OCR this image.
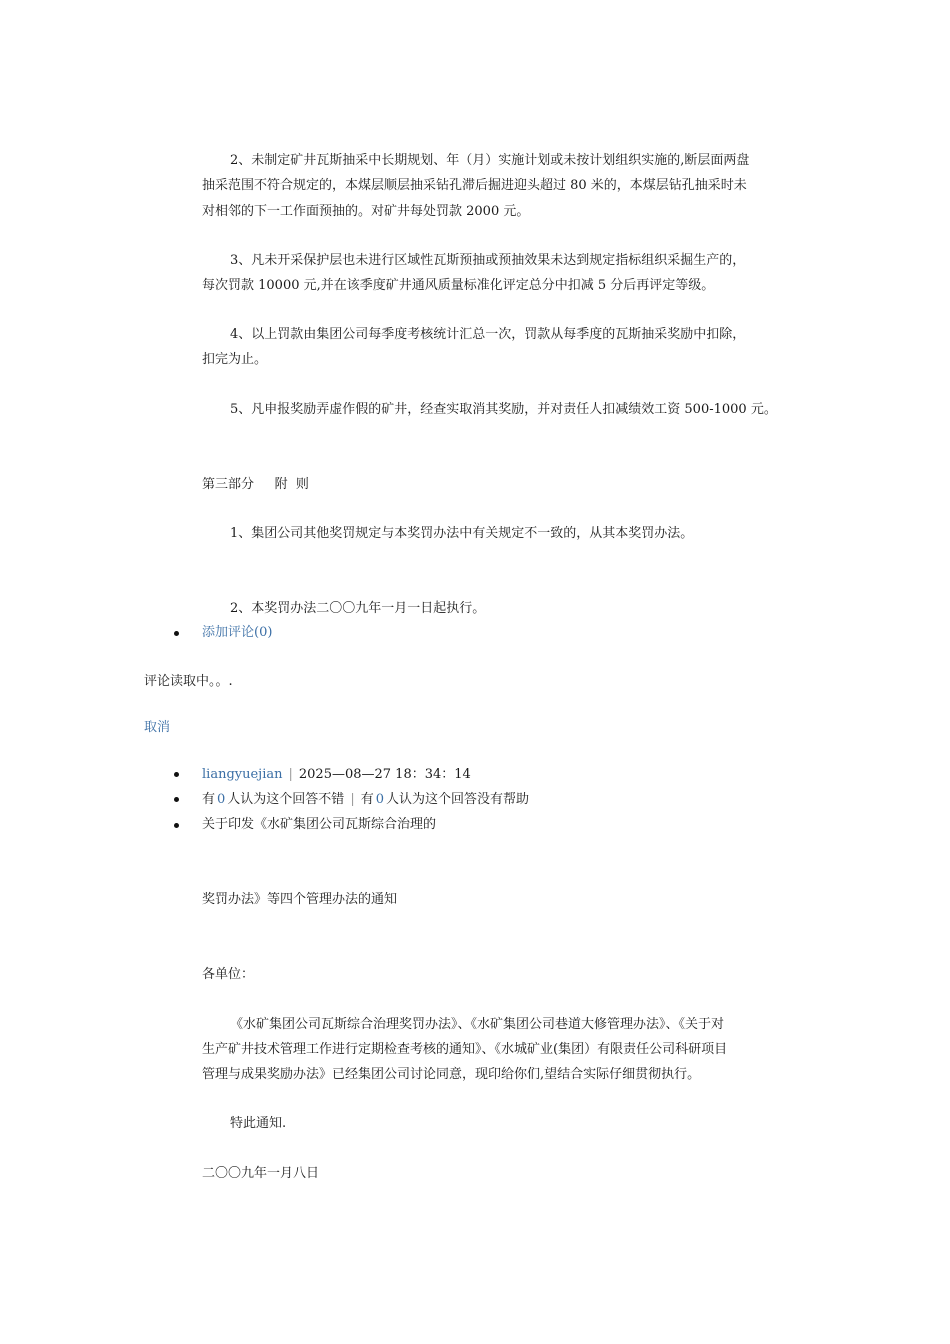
2、未制定矿井瓦斯抽采中长期规划、年（月）实施计划或未按计划组织实施的,断层面两盘
抽采范围不符合规定的，本煤层顺层抽采钻孔滞后掘进迎头超过 80 米的，本煤层钻孔抽采时未
对相邻的下一工作面预抽的。对矿井每处罚款 2000 元。
3、凡未开采保护层也未进行区域性瓦斯预抽或预抽效果未达到规定指标组织采掘生产的，
每次罚款 10000 元,并在该季度矿井通风质量标准化评定总分中扣减 5 分后再评定等级。
4、以上罚款由集团公司每季度考核统计汇总一次，罚款从每季度的瓦斯抽采奖励中扣除，
扣完为止。
5、凡申报奖励弄虚作假的矿井，经查实取消其奖励，并对责任人扣减绩效工资 500-1000 元。
第三部分     附  则
1、集团公司其他奖罚规定与本奖罚办法中有关规定不一致的，从其本奖罚办法。
2、本奖罚办法二〇〇九年一月一日起执行。
添加评论(0)
评论读取中。。.
取消
liangyuejian | 2025—08—27 18：34：14
有 0 人认为这个回答不错 | 有 0 人认为这个回答没有帮助
关于印发《水矿集团公司瓦斯综合治理的
奖罚办法》等四个管理办法的通知
各单位：
《水矿集团公司瓦斯综合治理奖罚办法》、《水矿集团公司巷道大修管理办法》、《关于对
生产矿井技术管理工作进行定期检查考核的通知》、《水城矿业(集团）有限责任公司科研项目
管理与成果奖励办法》已经集团公司讨论同意，现印给你们,望结合实际仔细贯彻执行。
特此通知.
二〇〇九年一月八日
